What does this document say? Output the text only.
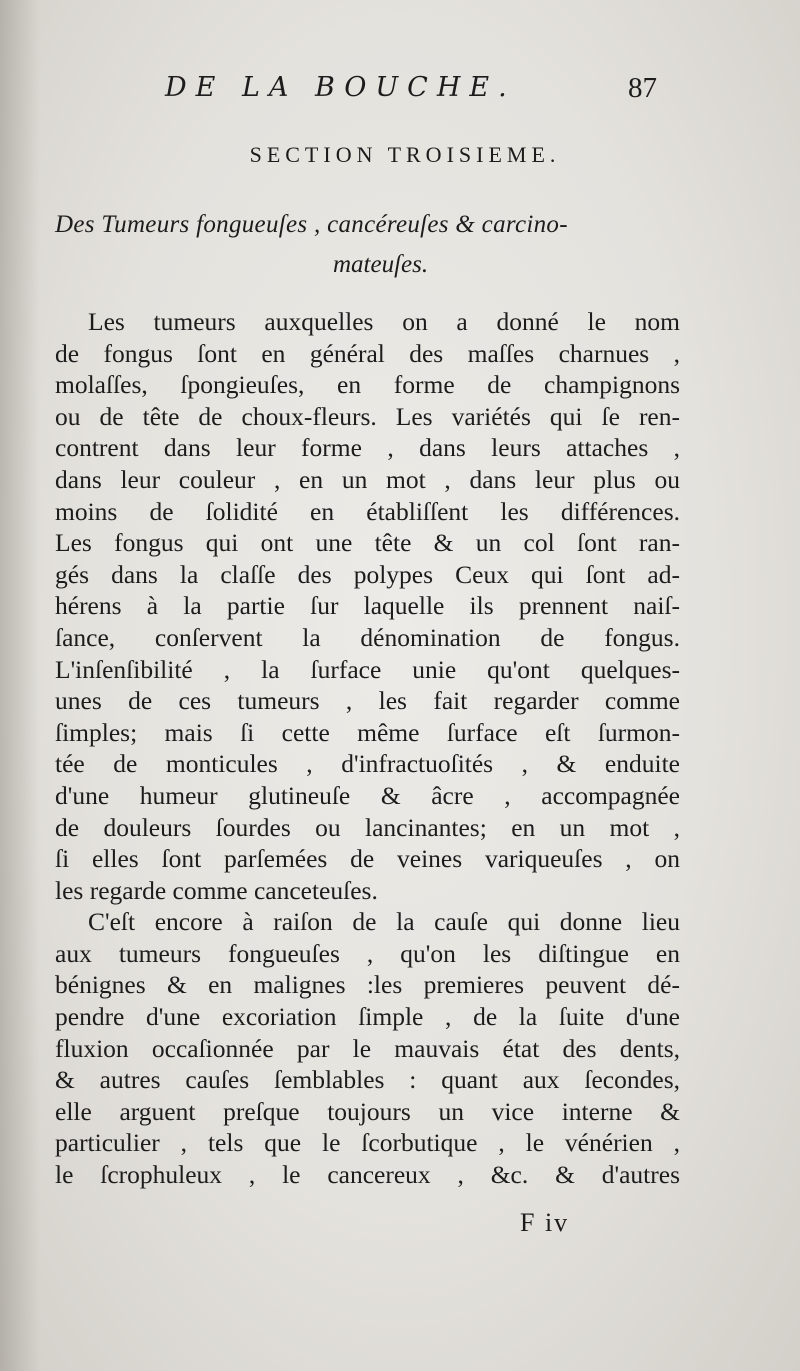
DE LA BOUCHE.	87
SECTION TROISIEME.
Des Tumeurs fongueuſes , cancéreuſes & carcino-
mateuſes.

Les tumeurs auxquelles on a donné le nom
de fongus ſont en général des maſſes charnues ,
molaſſes, ſpongieuſes, en forme de champignons
ou de tête de choux-fleurs. Les variétés qui ſe ren-
contrent dans leur forme , dans leurs attaches ,
dans leur couleur , en un mot , dans leur plus ou
moins de ſolidité en établiſſent les différences.
Les fongus qui ont une tête & un col ſont ran-
gés dans la claſſe des polypes Ceux qui ſont ad-
hérens à la partie ſur laquelle ils prennent naiſ-
ſance, conſervent la dénomination de fongus.
L'inſenſibilité , la ſurface unie qu'ont quelques-
unes de ces tumeurs , les fait regarder comme
ſimples; mais ſi cette même ſurface eſt ſurmon-
tée de monticules , d'infractuoſités , & enduite
d'une humeur glutineuſe & âcre , accompagnée
de douleurs ſourdes ou lancinantes; en un mot ,
ſi elles ſont parſemées de veines variqueuſes , on
les regarde comme canceteuſes.

C'eſt encore à raiſon de la cauſe qui donne lieu
aux tumeurs fongueuſes , qu'on les diſtingue en
bénignes & en malignes :les premieres peuvent dé-
pendre d'une excoriation ſimple , de la ſuite d'une
fluxion occaſionnée par le mauvais état des dents,
& autres cauſes ſemblables : quant aux ſecondes,
elle arguent preſque toujours un vice interne &
particulier , tels que le ſcorbutique , le vénérien ,
le ſcrophuleux , le cancereux , &c. & d'autres

F iv
